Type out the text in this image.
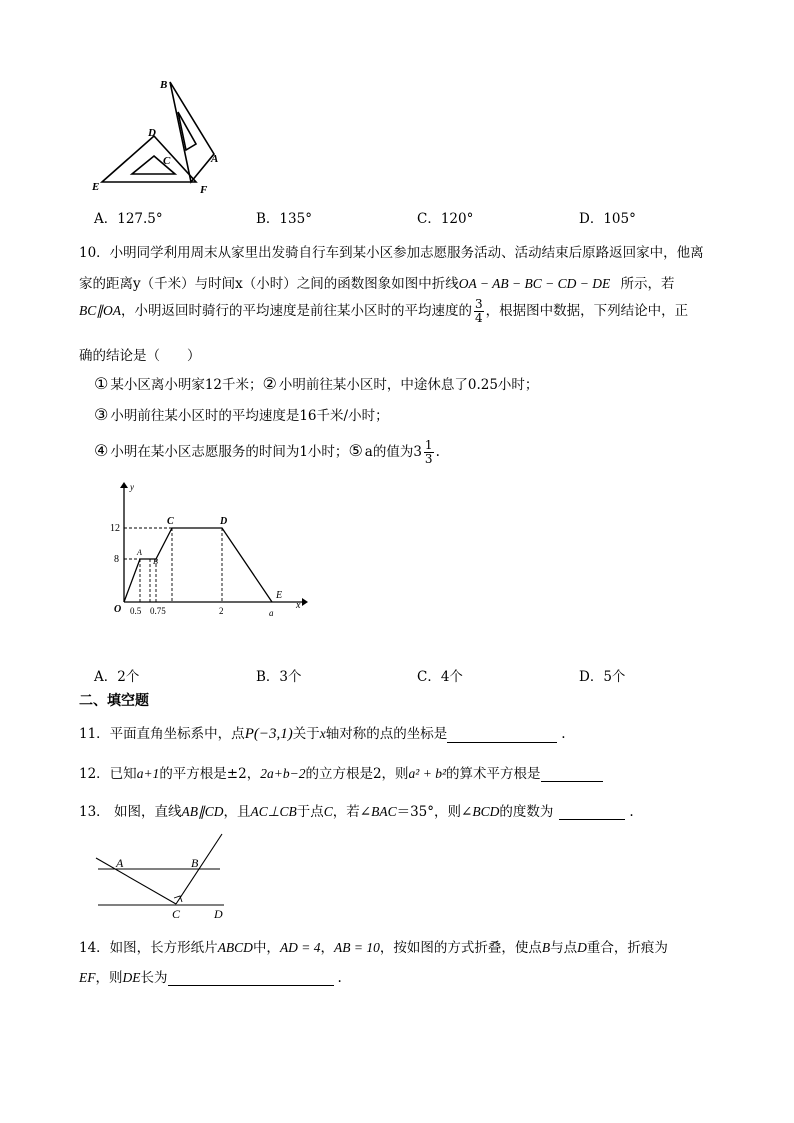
B
D
C	A
E	F
A．127.5°	B．135°	C．120°	D．105°
10．小明同学利用周末从家里出发骑自行车到某小区参加志愿服务活动、活动结束后原路返回家中，他离
家的距离y（千米）与时间x（小时）之间的函数图象如图中折线OA − AB − BC − CD − DE 所示，若
BC∥OA，小明返回时骑行的平均速度是前往某小区时的平均速度的 $\frac{3}{4}$ ，根据图中数据，下列结论中，正
确的结论是（　　）
① 某小区离小明家12千米；② 小明前往某小区时，中途休息了0.25小时；
③ 小明前往某小区时的平均速度是16千米/小时；
④ 小明在某小区志愿服务的时间为1小时；⑤ a的值为$3 \frac{1}{3}$ .
y
x
12
8
0.5 0.75	2	a
O
A
B
C	D
E
A．2个	B．3个	C．4个	D．5个
二、填空题
11．平面直角坐标系中，点P(−3,1)关于x轴对称的点的坐标是	.
12．已知a+1的平方根是±2，2a+b−2的立方根是2，则a² + b²的算术平方根是
13． 如图，直线AB∥CD，且AC⊥CB于点C，若∠BAC＝35°，则∠BCD的度数为	.
A	B
C	D
14．如图，长方形纸片ABCD中，AD = 4，AB = 10，按如图的方式折叠，使点B与点D重合，折痕为
EF，则DE长为	.
